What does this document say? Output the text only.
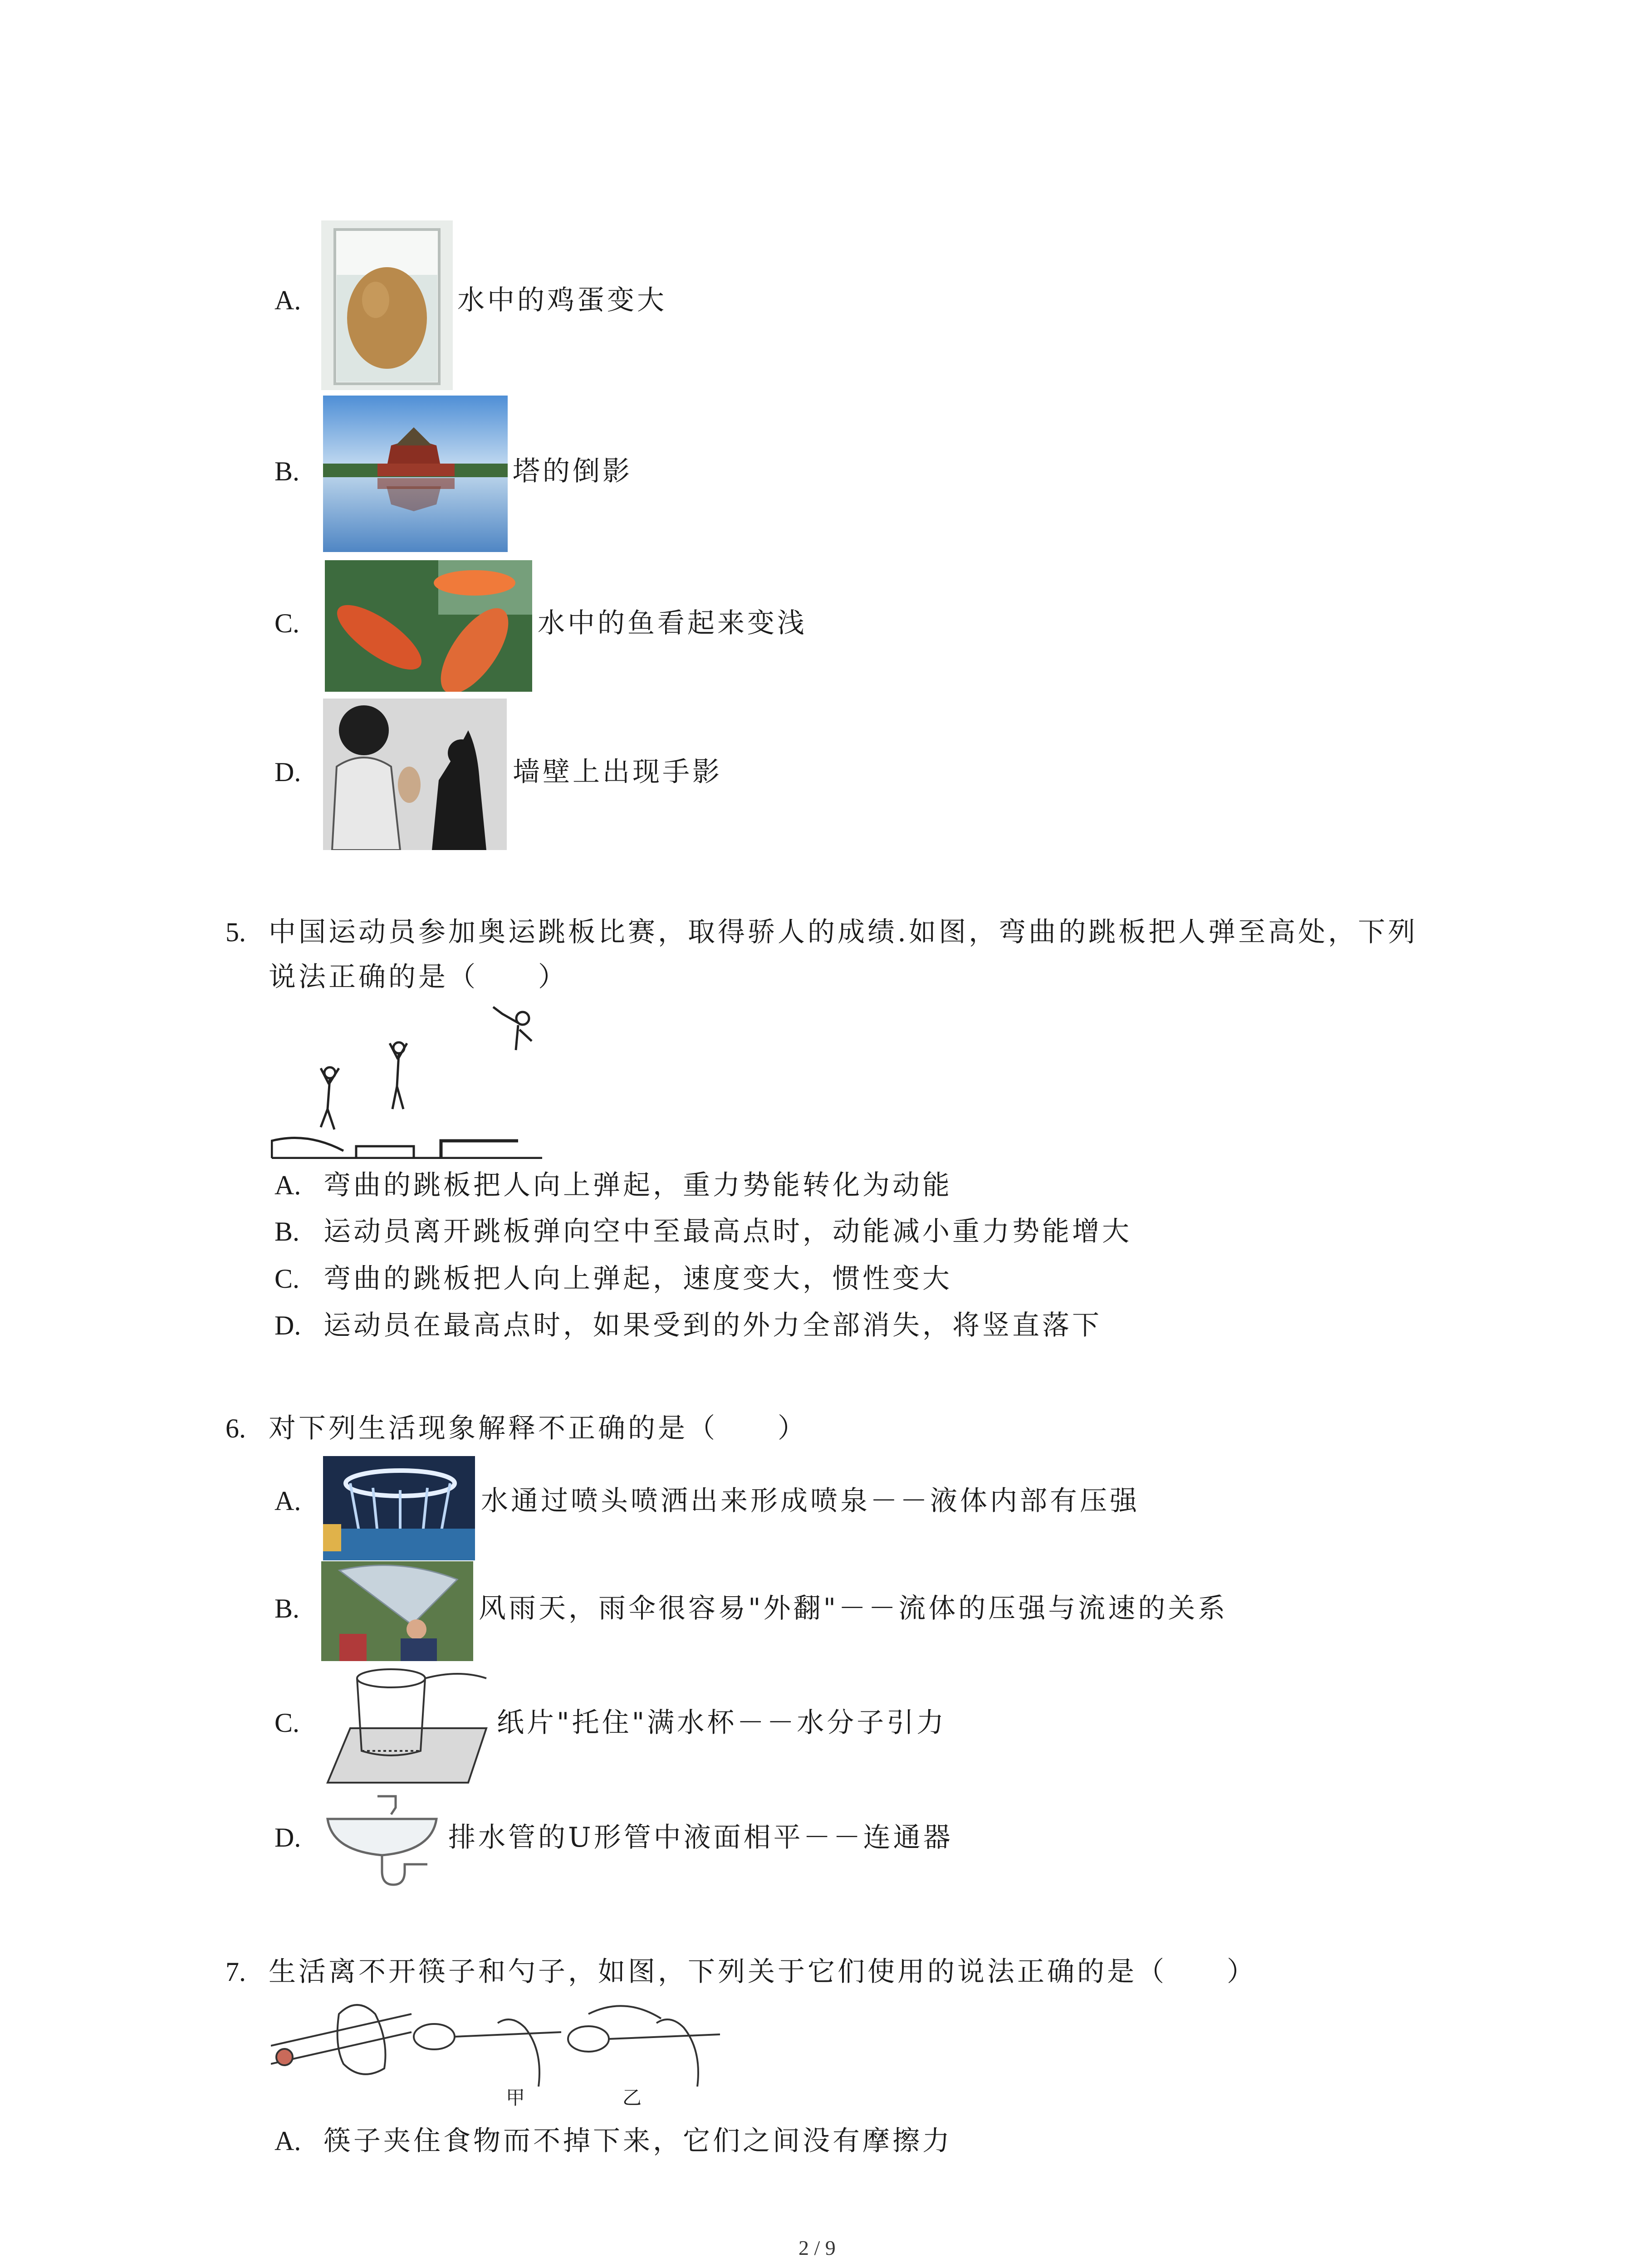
A.	水中的鸡蛋变大
B.	塔的倒影
C.	水中的鱼看起来变浅
D.	墙壁上出现手影
5. 中国运动员参加奥运跳板比赛，取得骄人的成绩.如图，弯曲的跳板把人弹至高处，下列
说法正确的是（　　）
A. 弯曲的跳板把人向上弹起，重力势能转化为动能
B. 运动员离开跳板弹向空中至最高点时，动能减小重力势能增大
C. 弯曲的跳板把人向上弹起，速度变大，惯性变大
D. 运动员在最高点时，如果受到的外力全部消失，将竖直落下
6. 对下列生活现象解释不正确的是（　　）
A.	水通过喷头喷洒出来形成喷泉－－液体内部有压强
B.	风雨天，雨伞很容易"外翻"－－流体的压强与流速的关系
C.	纸片"托住"满水杯－－水分子引力
D.	排水管的U形管中液面相平－－连通器
7. 生活离不开筷子和勺子，如图，下列关于它们使用的说法正确的是（　　）
甲	乙
A. 筷子夹住食物而不掉下来，它们之间没有摩擦力
2 / 9
